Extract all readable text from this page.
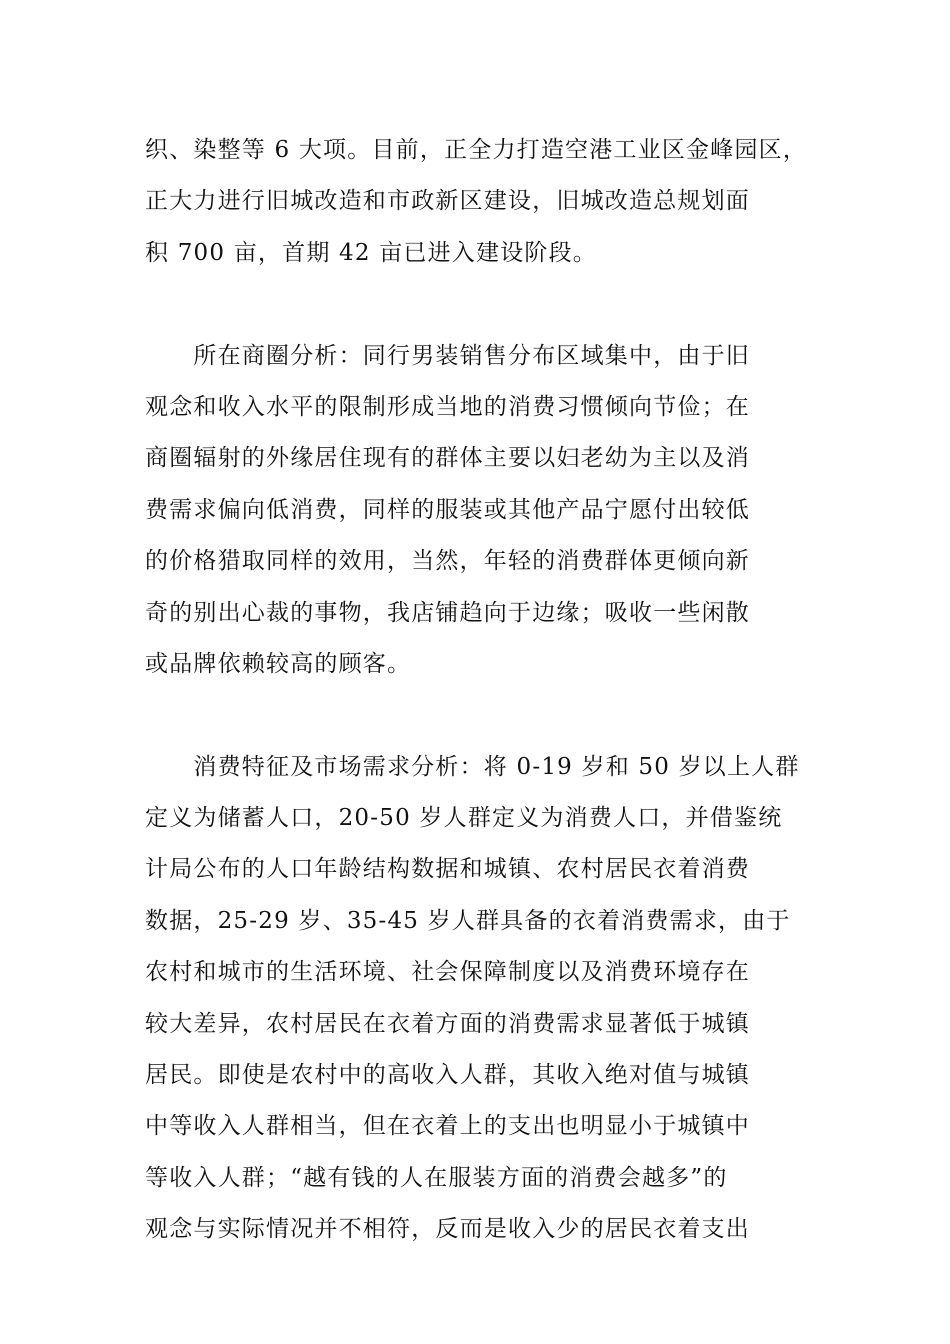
织、染整等 6 大项。目前，正全力打造空港工业区金峰园区，
正大力进行旧城改造和市政新区建设，旧城改造总规划面
积 700 亩，首期 42 亩已进入建设阶段。
　　所在商圈分析：同行男装销售分布区域集中，由于旧
观念和收入水平的限制形成当地的消费习惯倾向节俭；在
商圈辐射的外缘居住现有的群体主要以妇老幼为主以及消
费需求偏向低消费，同样的服装或其他产品宁愿付出较低
的价格猎取同样的效用，当然，年轻的消费群体更倾向新
奇的别出心裁的事物，我店铺趋向于边缘；吸收一些闲散
或品牌依赖较高的顾客。
　　消费特征及市场需求分析：将 0-19 岁和 50 岁以上人群
定义为储蓄人口，20-50 岁人群定义为消费人口，并借鉴统
计局公布的人口年龄结构数据和城镇、农村居民衣着消费
数据，25-29 岁、35-45 岁人群具备的衣着消费需求，由于
农村和城市的生活环境、社会保障制度以及消费环境存在
较大差异，农村居民在衣着方面的消费需求显著低于城镇
居民。即使是农村中的高收入人群，其收入绝对值与城镇
中等收入人群相当，但在衣着上的支出也明显小于城镇中
等收入人群；“越有钱的人在服装方面的消费会越多”的
观念与实际情况并不相符，反而是收入少的居民衣着支出
